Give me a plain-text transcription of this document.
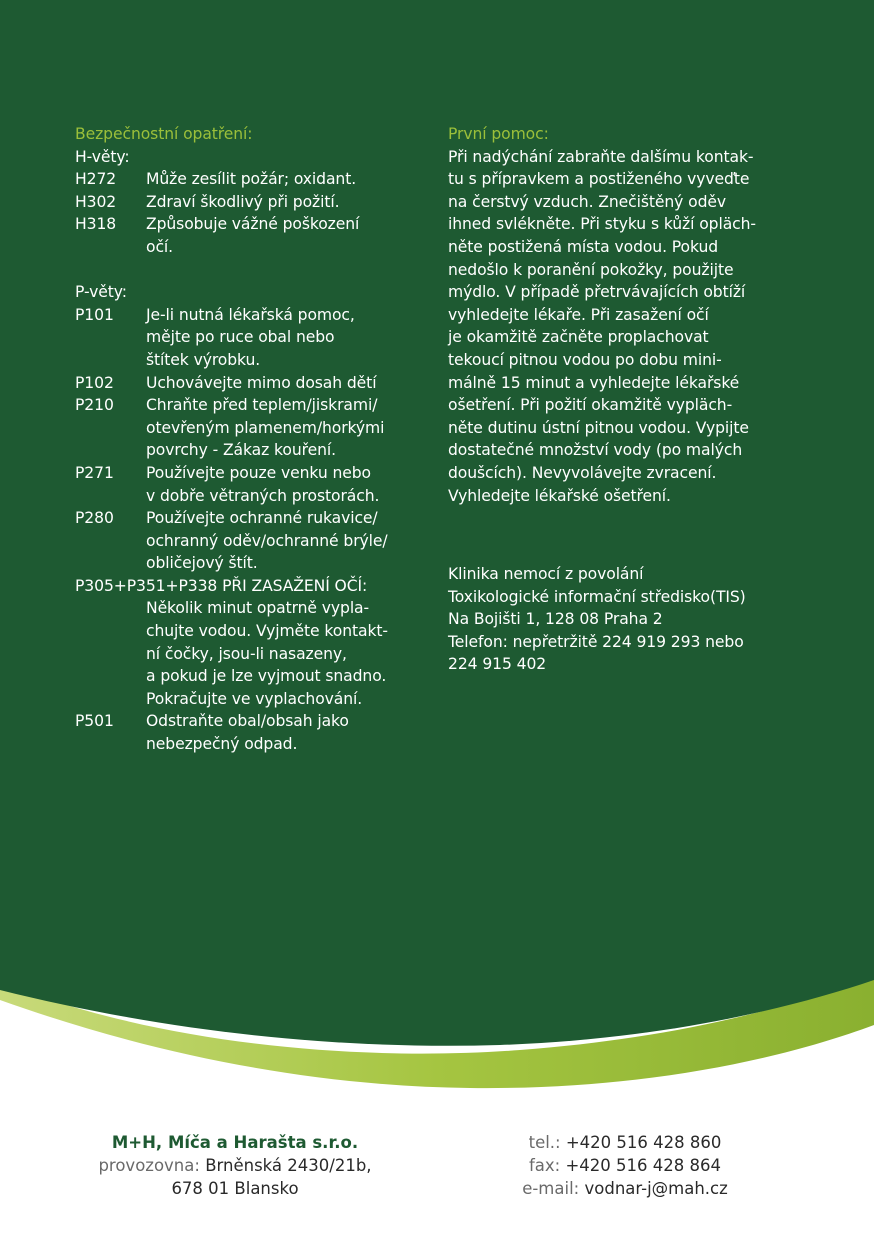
Bezpečnostní opatření:
H-věty:
H272	Může zesílit požár; oxidant.
H302	Zdraví škodlivý při požití.
H318	Způsobuje vážné poškození
očí.
P-věty:
P101	Je-li nutná lékařská pomoc,
mějte po ruce obal nebo
štítek výrobku.
P102	Uchovávejte mimo dosah dětí
P210	Chraňte před teplem/jiskrami/
otevřeným plamenem/horkými
povrchy - Zákaz kouření.
P271	Používejte pouze venku nebo
v dobře větraných prostorách.
P280	Používejte ochranné rukavice/
ochranný oděv/ochranné brýle/
obličejový štít.
P305+P351+P338 PŘI ZASAŽENÍ OČÍ:
Několik minut opatrně vypla-
chujte vodou. Vyjměte kontakt-
ní čočky, jsou-li nasazeny,
a pokud je lze vyjmout snadno.
Pokračujte ve vyplachování.
P501	Odstraňte obal/obsah jako
nebezpečný odpad.
První pomoc:
Při nadýchání zabraňte dalšímu kontak-
tu s přípravkem a postiženého vyveďte
na čerstvý vzduch. Znečištěný oděv
ihned svlékněte. Při styku s kůží opläch-
něte postižená místa vodou. Pokud
nedošlo k poranění pokožky, použijte
mýdlo. V případě přetrvávajících obtíží
vyhledejte lékaře. Při zasažení očí
je okamžitě začněte proplachovat
tekoucí pitnou vodou po dobu mini-
málně 15 minut a vyhledejte lékařské
ošetření. Při požití okamžitě vypläch-
něte dutinu ústní pitnou vodou. Vypijte
dostatečné množství vody (po malých
doušcích). Nevyvolávejte zvracení.
Vyhledejte lékařské ošetření.
Klinika nemocí z povolání
Toxikologické informační středisko(TIS)
Na Bojišti 1, 128 08 Praha 2
Telefon: nepřetržitě 224 919 293 nebo
224 915 402
M+H, Míča a Harašta s.r.o.
provozovna: Brněnská 2430/21b,
678 01 Blansko
tel.: +420 516 428 860
fax: +420 516 428 864
e-mail: vodnar-j@mah.cz
